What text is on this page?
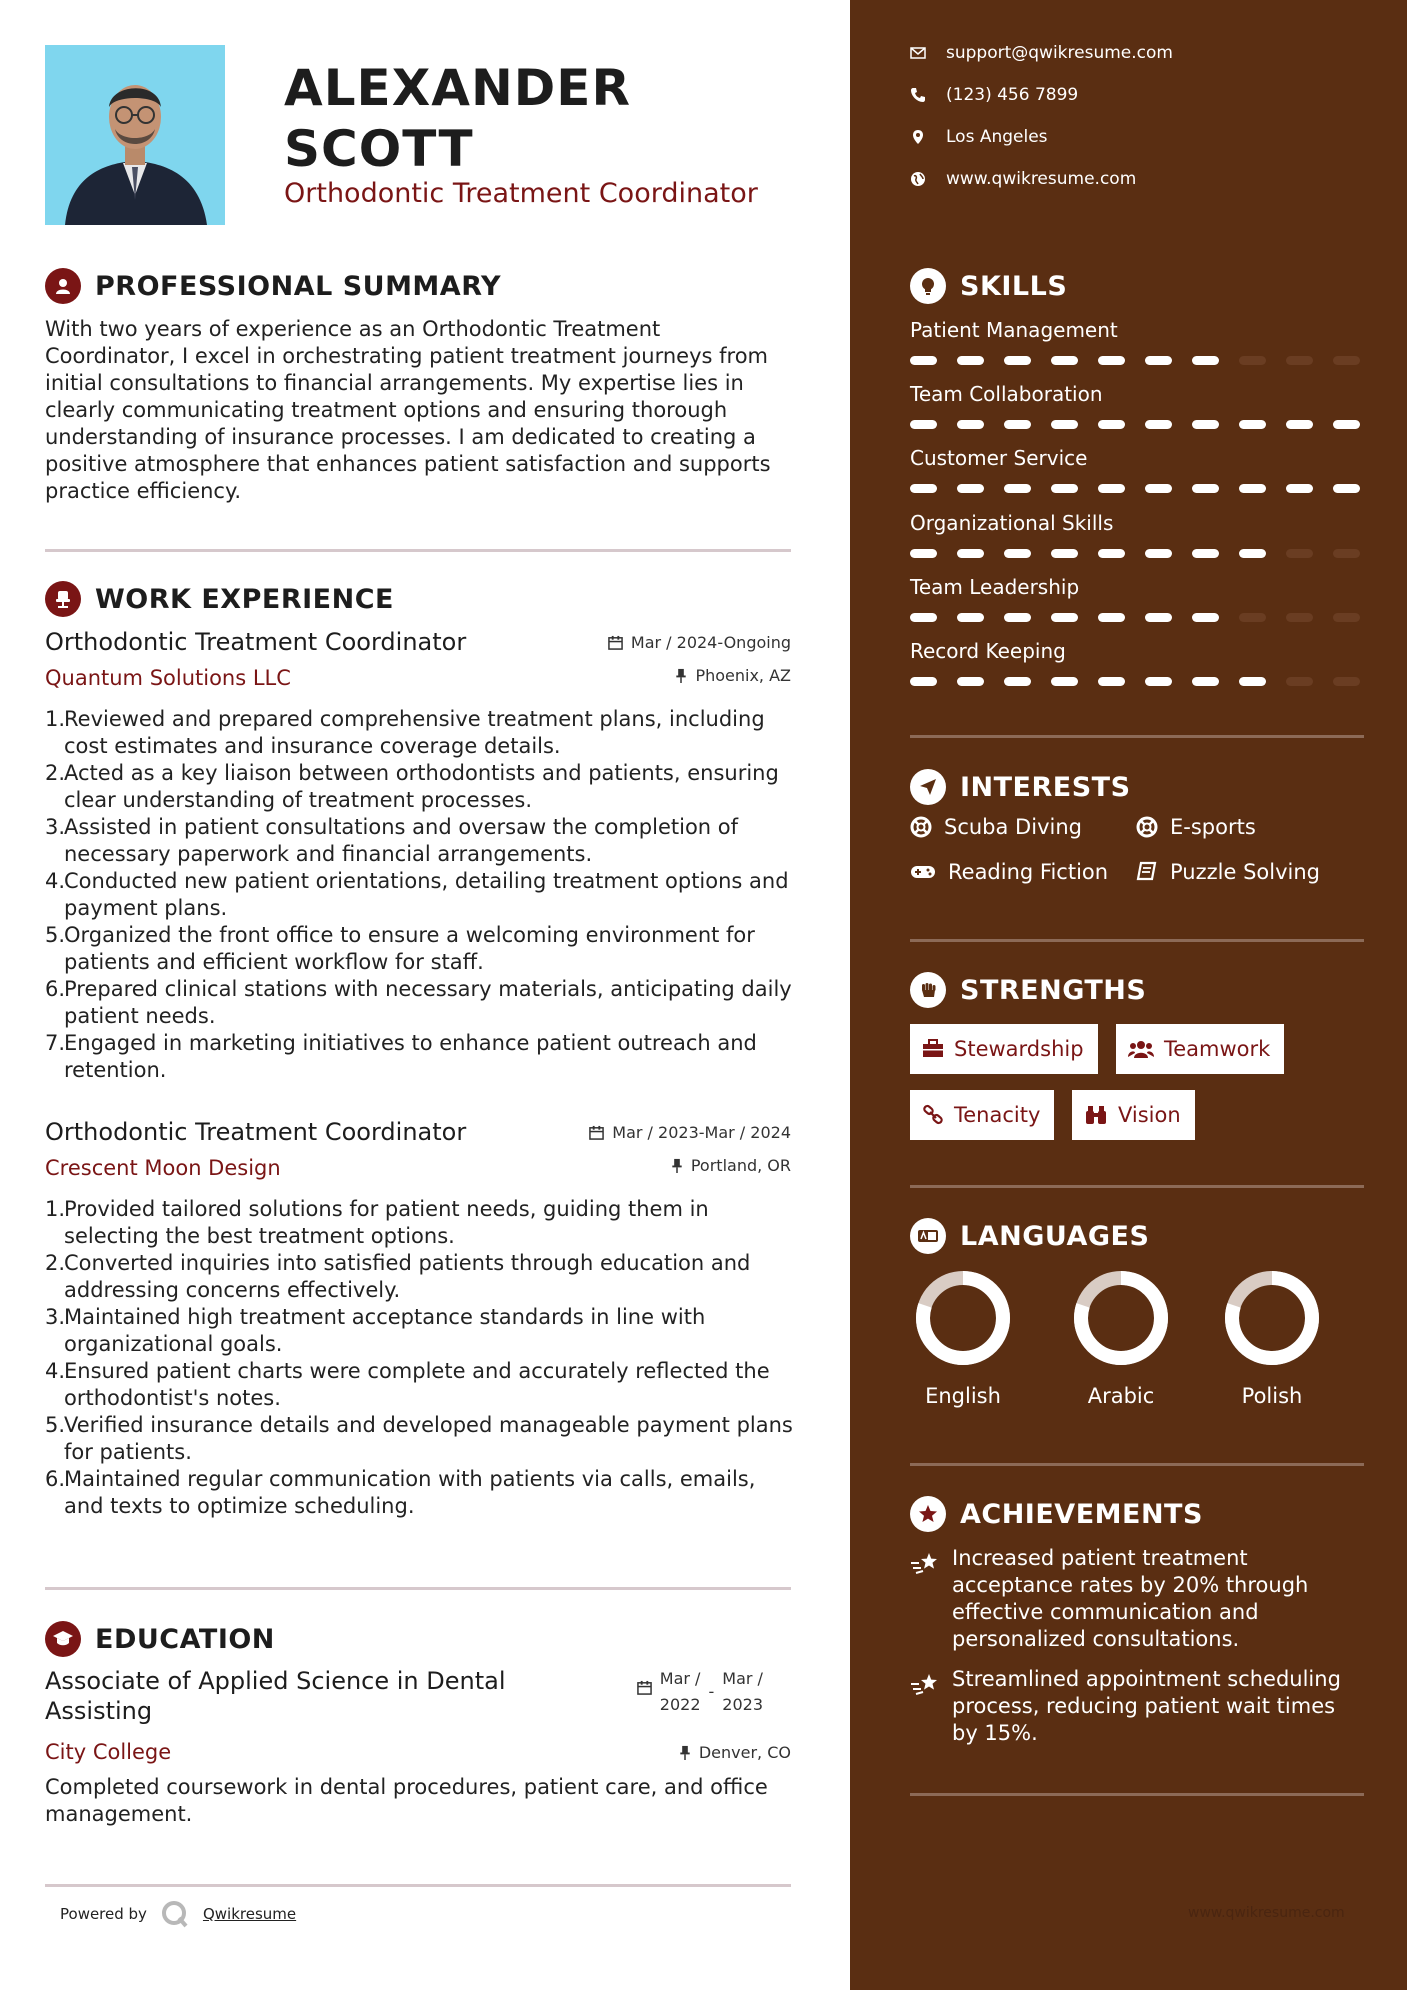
ALEXANDER
SCOTT
Orthodontic Treatment Coordinator
PROFESSIONAL SUMMARY
With two years of experience as an Orthodontic Treatment Coordinator, I excel in orchestrating patient treatment journeys from initial consultations to financial arrangements. My expertise lies in clearly communicating treatment options and ensuring thorough understanding of insurance processes. I am dedicated to creating a positive atmosphere that enhances patient satisfaction and supports practice efficiency.
WORK EXPERIENCE
Orthodontic Treatment Coordinator
Quantum Solutions LLC
Mar / 2024-Ongoing
Phoenix, AZ
1.
Reviewed and prepared comprehensive treatment plans, including cost estimates and insurance coverage details.
2.
Acted as a key liaison between orthodontists and patients, ensuring clear understanding of treatment processes.
3.
Assisted in patient consultations and oversaw the completion of necessary paperwork and financial arrangements.
4.
Conducted new patient orientations, detailing treatment options and payment plans.
5.
Organized the front office to ensure a welcoming environment for patients and efficient workflow for staff.
6.
Prepared clinical stations with necessary materials, anticipating daily patient needs.
7.
Engaged in marketing initiatives to enhance patient outreach and retention.
Orthodontic Treatment Coordinator
Crescent Moon Design
Mar / 2023-Mar / 2024
Portland, OR
1.
Provided tailored solutions for patient needs, guiding them in selecting the best treatment options.
2.
Converted inquiries into satisfied patients through education and addressing concerns effectively.
3.
Maintained high treatment acceptance standards in line with organizational goals.
4.
Ensured patient charts were complete and accurately reflected the orthodontist's notes.
5.
Verified insurance details and developed manageable payment plans for patients.
6.
Maintained regular communication with patients via calls, emails, and texts to optimize scheduling.
EDUCATION
Associate of Applied Science in Dental Assisting
City College
Completed coursework in dental procedures, patient care, and office management.
Mar /
2022
-
Mar /
2023
Denver, CO
Powered by	Qwikresume
support@qwikresume.com
(123) 456 7899
Los Angeles
www.qwikresume.com
SKILLS
Patient Management
Team Collaboration
Customer Service
Organizational Skills
Team Leadership
Record Keeping
INTERESTS
Scuba Diving	E-sports
Reading Fiction	Puzzle Solving
STRENGTHS
Stewardship	Teamwork
Tenacity	Vision
LANGUAGES
English	Arabic	Polish
ACHIEVEMENTS
Increased patient treatment acceptance rates by 20% through effective communication and personalized consultations.
Streamlined appointment scheduling process, reducing patient wait times by 15%.
www.qwikresume.com
